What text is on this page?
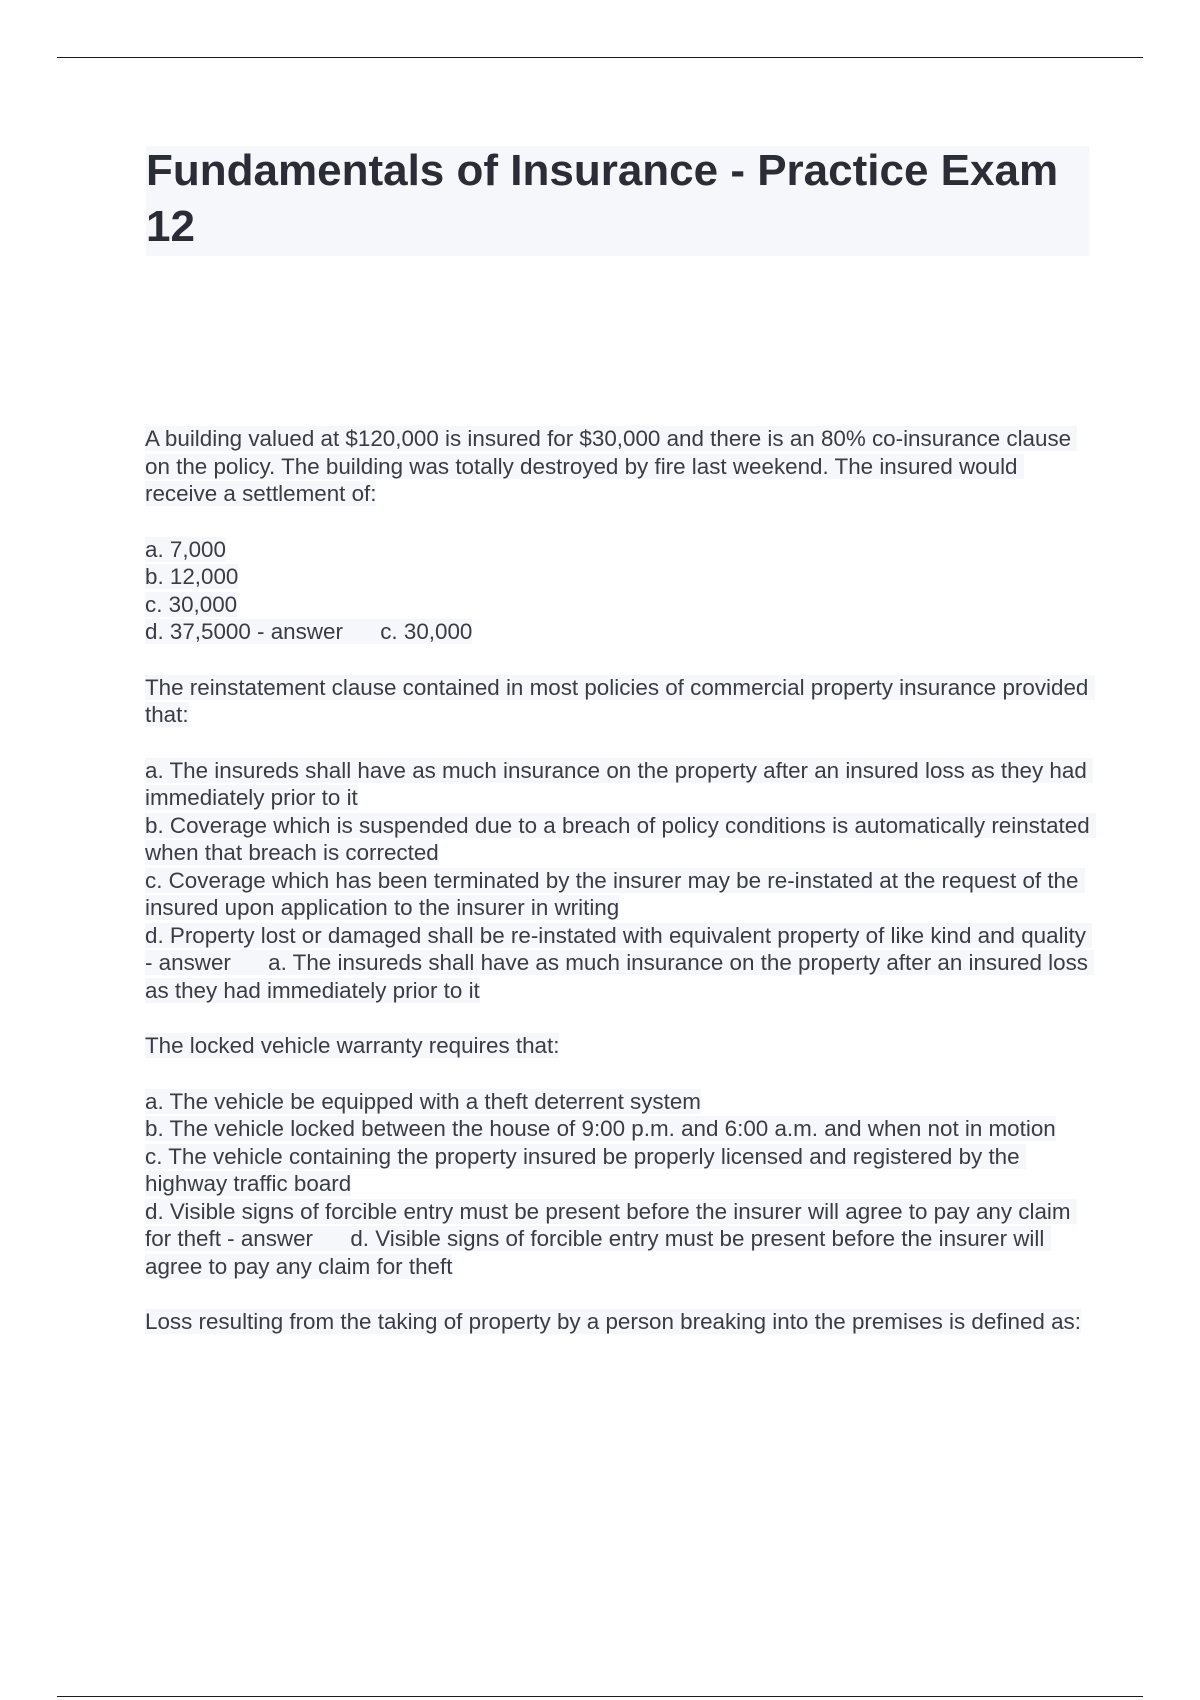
Fundamentals of Insurance - Practice Exam 12

A building valued at $120,000 is insured for $30,000 and there is an 80% co-insurance clause on the policy. The building was totally destroyed by fire last weekend. The insured would receive a settlement of:

a. 7,000
b. 12,000
c. 30,000
d. 37,5000 - answer      c. 30,000

The reinstatement clause contained in most policies of commercial property insurance provided that:

a. The insureds shall have as much insurance on the property after an insured loss as they had immediately prior to it
b. Coverage which is suspended due to a breach of policy conditions is automatically reinstated when that breach is corrected
c. Coverage which has been terminated by the insurer may be re-instated at the request of the insured upon application to the insurer in writing
d. Property lost or damaged shall be re-instated with equivalent property of like kind and quality - answer      a. The insureds shall have as much insurance on the property after an insured loss as they had immediately prior to it

The locked vehicle warranty requires that:

a. The vehicle be equipped with a theft deterrent system
b. The vehicle locked between the house of 9:00 p.m. and 6:00 a.m. and when not in motion
c. The vehicle containing the property insured be properly licensed and registered by the highway traffic board
d. Visible signs of forcible entry must be present before the insurer will agree to pay any claim for theft - answer      d. Visible signs of forcible entry must be present before the insurer will agree to pay any claim for theft

Loss resulting from the taking of property by a person breaking into the premises is defined as:
